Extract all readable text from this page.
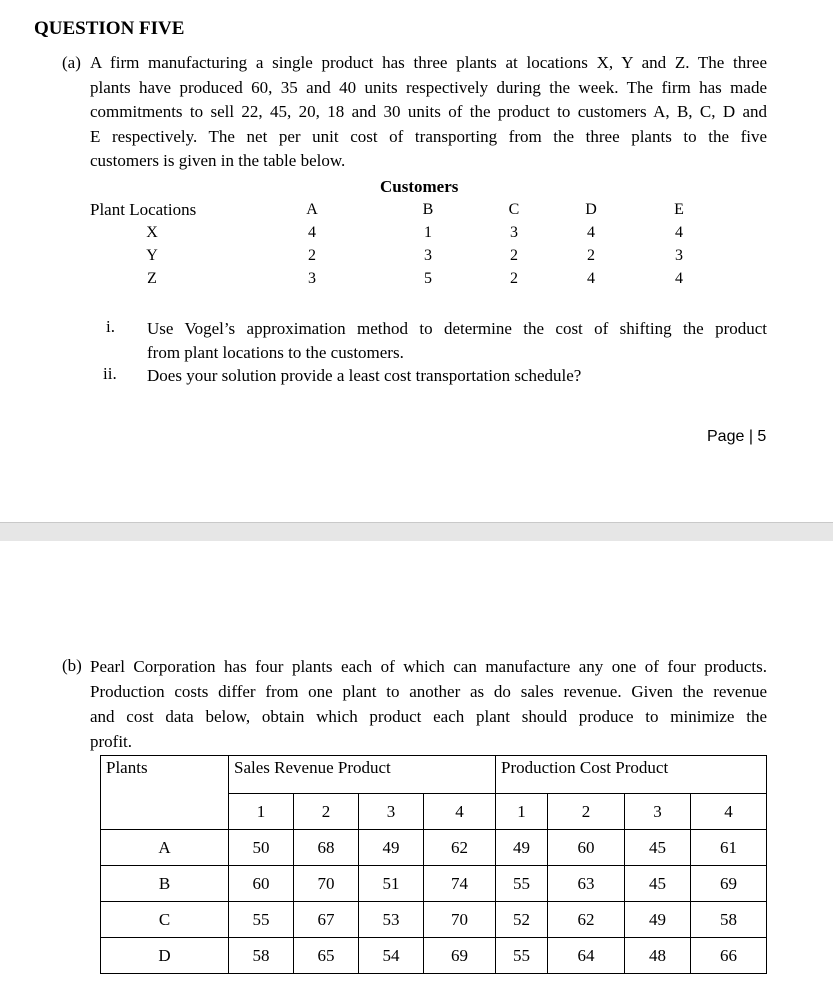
QUESTION FIVE
(a) A firm manufacturing a single product has three plants at locations X, Y and Z. The three
plants have produced 60, 35 and 40 units respectively during the week. The firm has made
commitments to sell 22, 45, 20, 18 and 30 units of the product to customers A, B, C, D and
E respectively. The net per unit cost of transporting from the three plants to the five
customers is given in the table below.
Customers
Plant Locations	A	B	C	D	E
X	4	1	3	4	4
Y	2	3	2	2	3
Z	3	5	2	4	4
i. Use Vogel’s approximation method to determine the cost of shifting the product
from plant locations to the customers.
ii. Does your solution provide a least cost transportation schedule?
Page | 5
(b) Pearl Corporation has four plants each of which can manufacture any one of four products.
Production costs differ from one plant to another as do sales revenue. Given the revenue
and cost data below, obtain which product each plant should produce to minimize the
profit.
Plants	Sales Revenue Product				Production Cost Product			
	1	2	3	4	1	2	3	4
A	50	68	49	62	49	60	45	61
B	60	70	51	74	55	63	45	69
C	55	67	53	70	52	62	49	58
D	58	65	54	69	55	64	48	66
